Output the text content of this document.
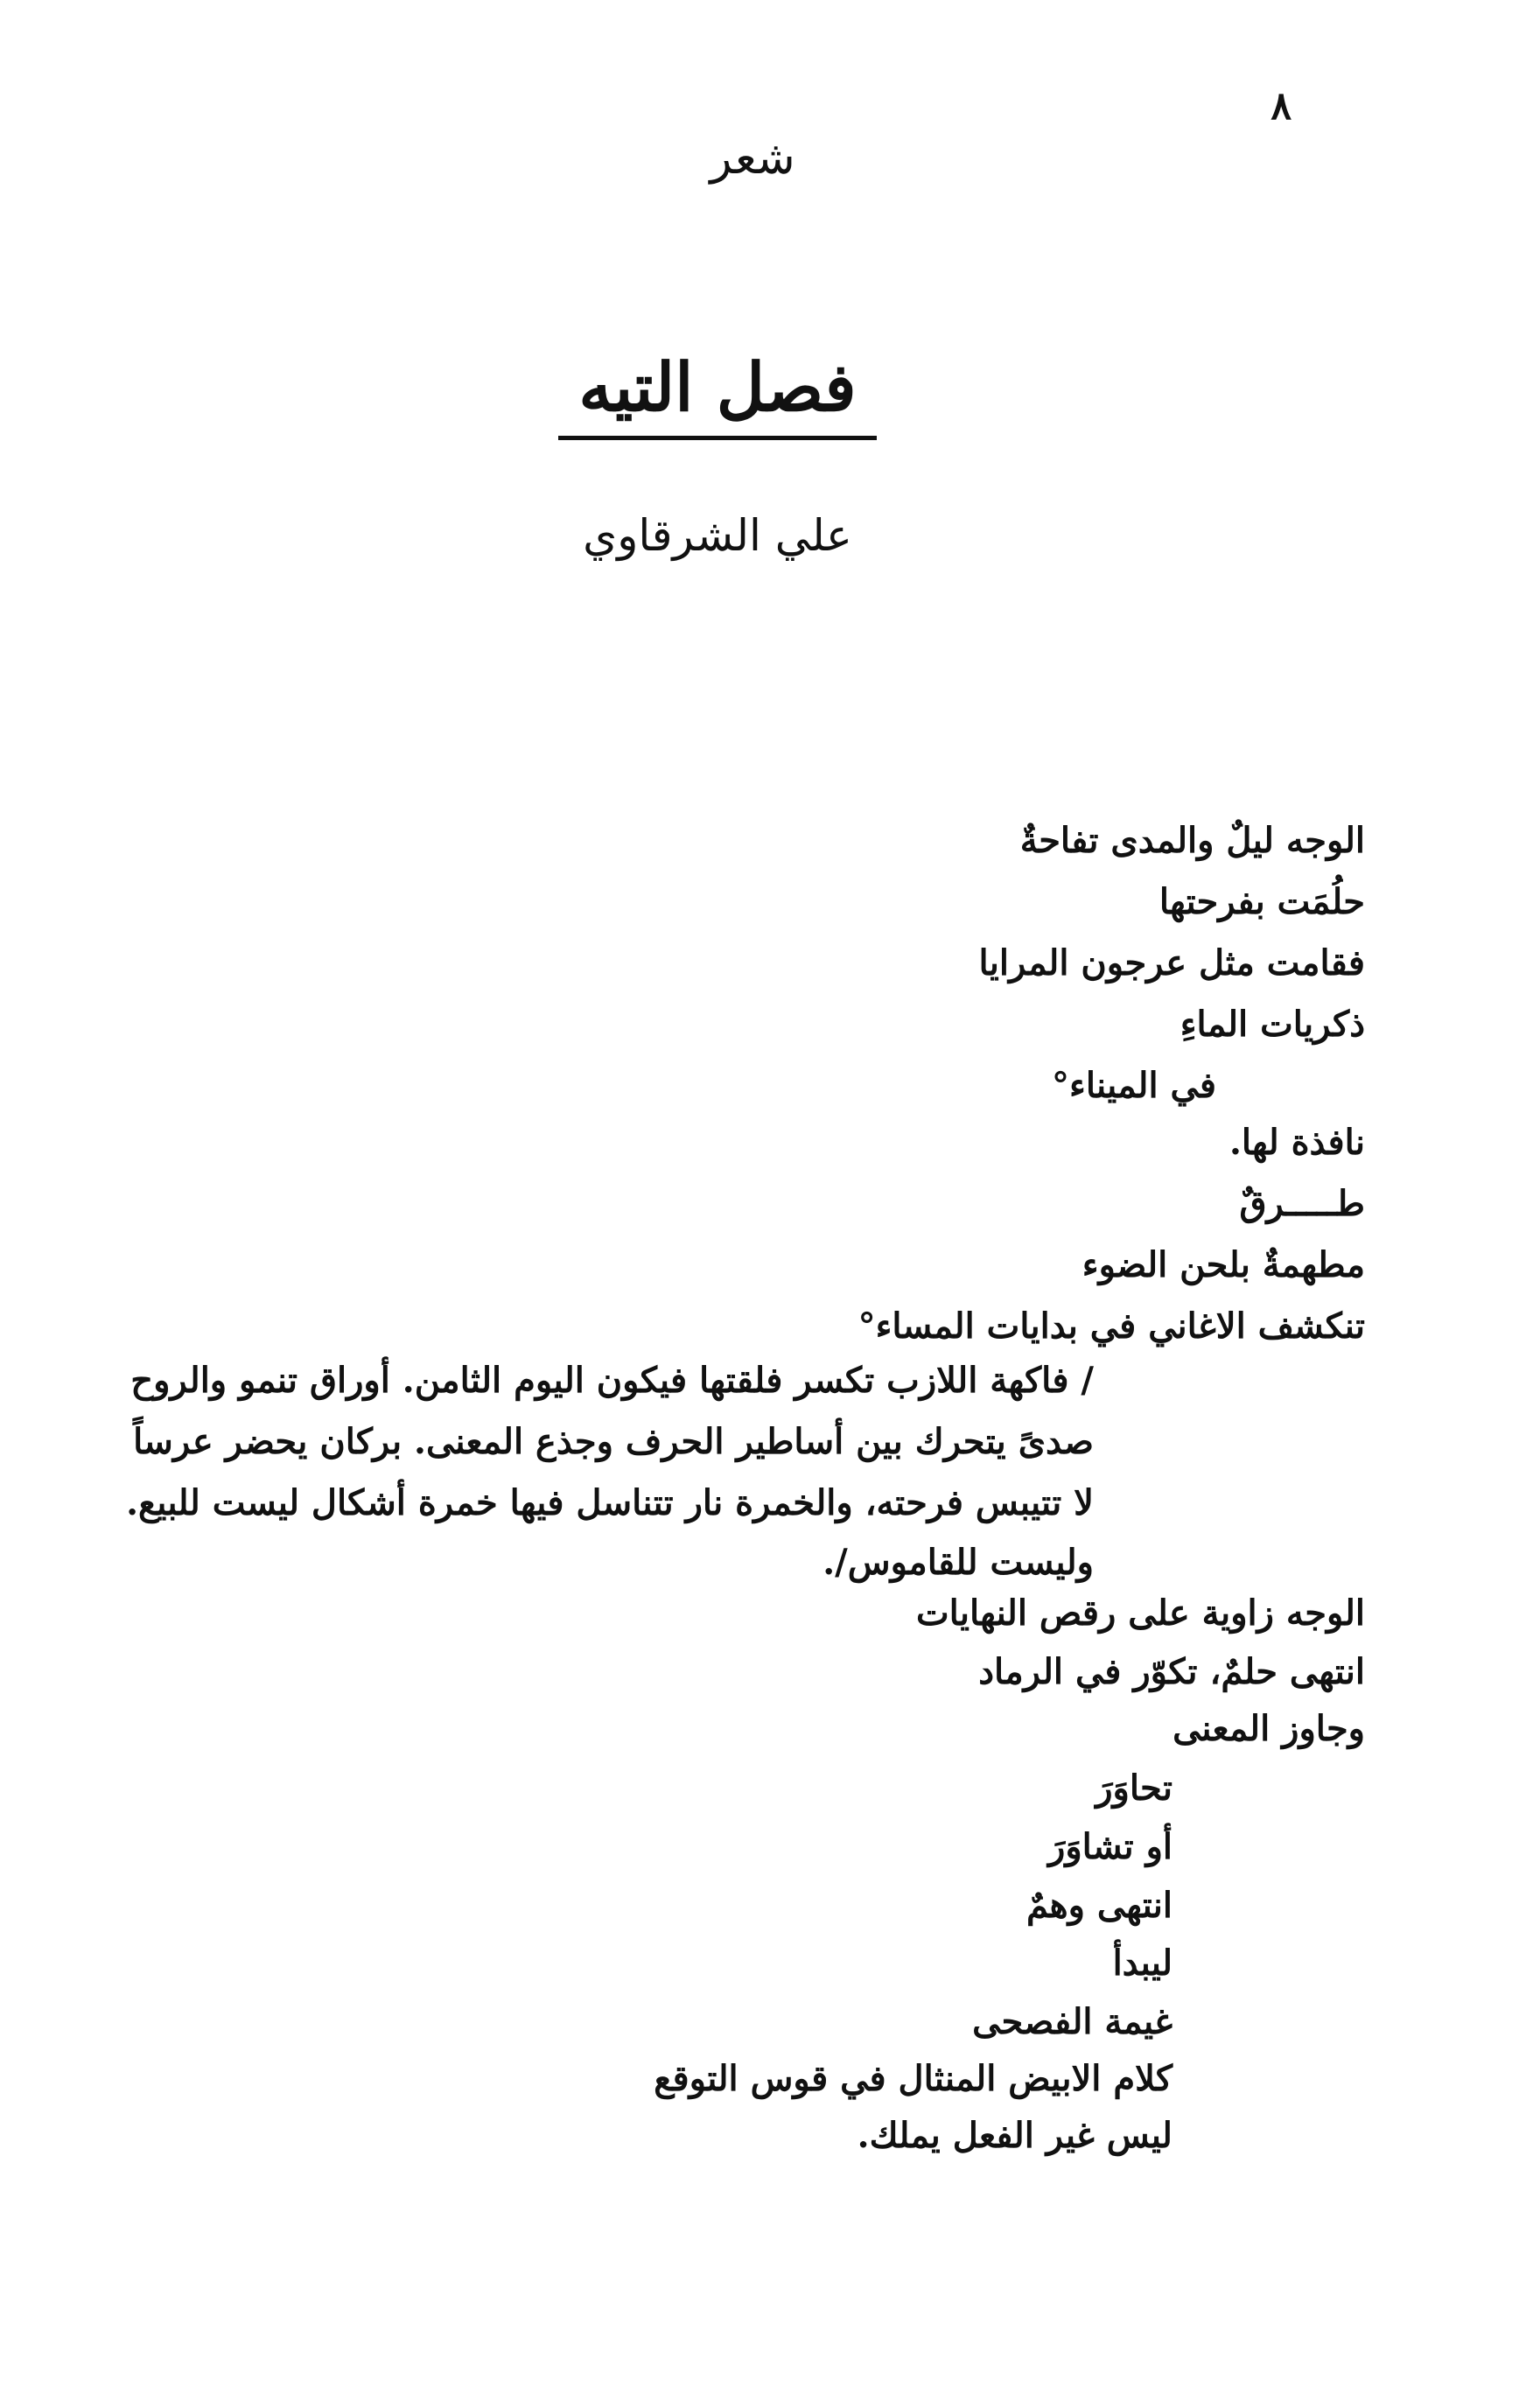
٨
شعر
فصل التيه
علي الشرقاوي
الوجه ليلٌ والمدى تفاحةٌ
حلُمَت بفرحتها
فقامت مثل عرجون المرايا
ذكريات الماءِ
في الميناء°
نافذة لها.
طـــــرقٌ
مطهمةٌ بلحن الضوء
تنكشف الاغاني في بدايات المساء°
/ فاكهة اللازب تكسر فلقتها فيكون اليوم الثامن. أوراق تنمو والروح
صدىً يتحرك بين أساطير الحرف وجذع المعنى. بركان يحضر عرساً
لا تتيبس فرحته، والخمرة نار تتناسل فيها خمرة أشكال ليست للبيع.
وليست للقاموس/.
الوجه زاوية على رقص النهايات
انتهى حلمٌ، تكوّر في الرماد
وجاوز المعنى
تحاوَرَ
أو تشاوَرَ
انتهى وهمٌ
ليبدأ
غيمة الفصحى
كلام الابيض المنثال في قوس التوقع
ليس غير الفعل يملك.
